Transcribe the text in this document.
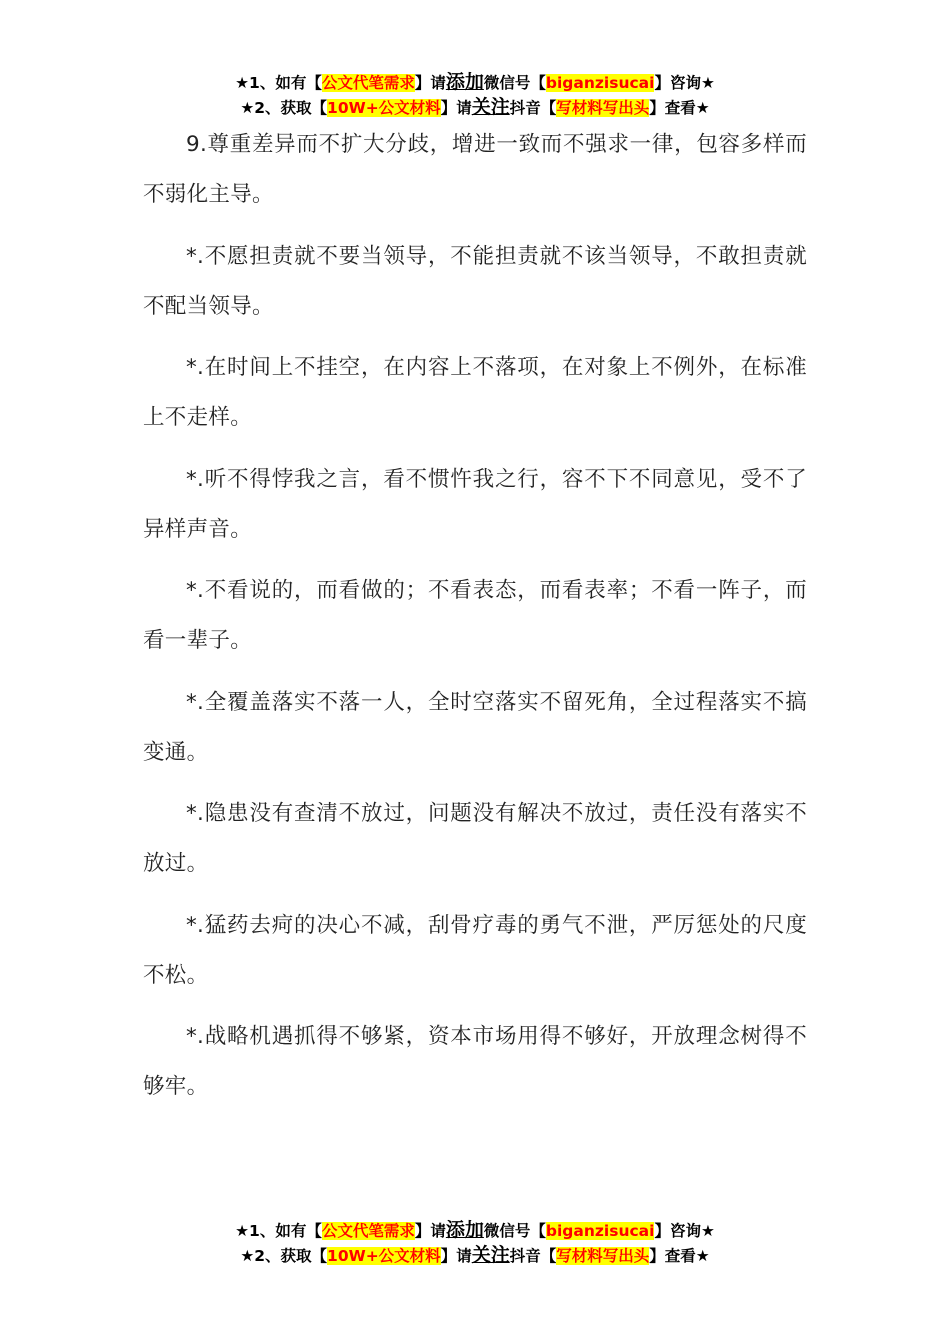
★1、如有【公文代笔需求】请添加微信号【biganzisucai】咨询★
★2、获取【10W+公文材料】请关注抖音【写材料写出头】查看★

9.尊重差异而不扩大分歧，增进一致而不强求一律，包容多样而不弱化主导。

*.不愿担责就不要当领导，不能担责就不该当领导，不敢担责就不配当领导。

*.在时间上不挂空，在内容上不落项，在对象上不例外，在标准上不走样。

*.听不得悖我之言，看不惯忤我之行，容不下不同意见，受不了异样声音。

*.不看说的，而看做的；不看表态，而看表率；不看一阵子，而看一辈子。

*.全覆盖落实不落一人，全时空落实不留死角，全过程落实不搞变通。

*.隐患没有查清不放过，问题没有解决不放过，责任没有落实不放过。

*.猛药去疴的决心不减，刮骨疗毒的勇气不泄，严厉惩处的尺度不松。

*.战略机遇抓得不够紧，资本市场用得不够好，开放理念树得不够牢。

★1、如有【公文代笔需求】请添加微信号【biganzisucai】咨询★
★2、获取【10W+公文材料】请关注抖音【写材料写出头】查看★
